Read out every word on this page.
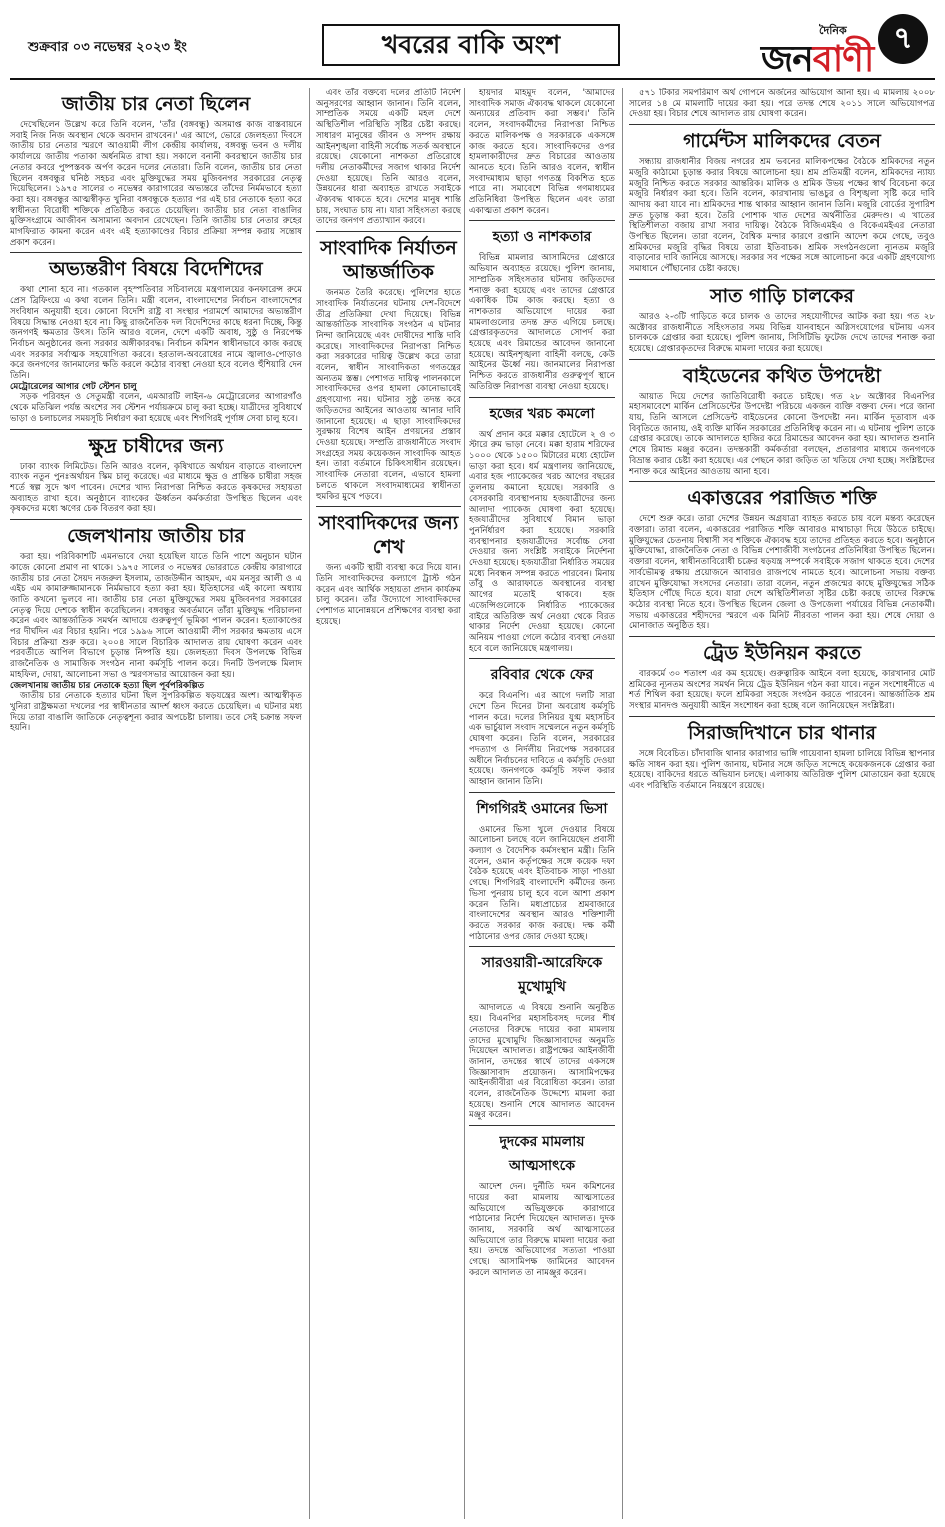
শুক্রবার ০৩ নভেম্বর ২০২৩ ইং	খবরের বাকি অংশ	দৈনিক
জনবাণী ৭
জাতীয় চার নেতা ছিলেন

দেখেছিলেন উল্লেখ করে তিনি বলেন, 'তাঁর (বঙ্গবন্ধু) অসমাপ্ত কাজ বাস্তবায়নে সবাই নিজ নিজ অবস্থান থেকে অবদান রাখবেন।' এর আগে, ভোরে জেলহত্যা দিবসে জাতীয় চার নেতার স্মরণে আওয়ামী লীগ কেন্দ্রীয় কার্যালয়, বঙ্গবন্ধু ভবন ও দলীয় কার্যালয়ে জাতীয় পতাকা অর্ধনমিত রাখা হয়। সকালে বনানী কবরস্থানে জাতীয় চার নেতার কবরে পুষ্পস্তবক অর্পণ করেন দলের নেতারা। তিনি বলেন, জাতীয় চার নেতা ছিলেন বঙ্গবন্ধুর ঘনিষ্ঠ সহচর এবং মুক্তিযুদ্ধের সময় মুজিবনগর সরকারের নেতৃত্ব দিয়েছিলেন। ১৯৭৫ সালের ৩ নভেম্বর কারাগারের অভ্যন্তরে তাঁদের নির্মমভাবে হত্যা করা হয়। বঙ্গবন্ধুর আত্মস্বীকৃত খুনিরা বঙ্গবন্ধুকে হত্যার পর এই চার নেতাকে হত্যা করে স্বাধীনতা বিরোধী শক্তিকে প্রতিষ্ঠিত করতে চেয়েছিল। জাতীয় চার নেতা বাঙালির মুক্তিসংগ্রামে আজীবন অসামান্য অবদান রেখেছেন। তিনি জাতীয় চার নেতার রুহের মাগফিরাত কামনা করেন এবং এই হত্যাকাণ্ডের বিচার প্রক্রিয়া সম্পন্ন করায় সন্তোষ প্রকাশ করেন।

অভ্যন্তরীণ বিষয়ে বিদেশিদের

কথা শোনা হবে না। গতকাল বৃহস্পতিবার সচিবালয়ে মন্ত্রণালয়ের কনফারেন্স রুমে প্রেস ব্রিফিংয়ে এ কথা বলেন তিনি। মন্ত্রী বলেন, বাংলাদেশের নির্বাচন বাংলাদেশের সংবিধান অনুযায়ী হবে। কোনো বিদেশি রাষ্ট্র বা সংস্থার পরামর্শে আমাদের অভ্যন্তরীণ বিষয়ে সিদ্ধান্ত নেওয়া হবে না। কিছু রাজনৈতিক দল বিদেশিদের কাছে ধরনা দিচ্ছে, কিন্তু জনগণই ক্ষমতার উৎস। তিনি আরও বলেন, দেশে একটি অবাধ, সুষ্ঠু ও নিরপেক্ষ নির্বাচন অনুষ্ঠানের জন্য সরকার অঙ্গীকারবদ্ধ। নির্বাচন কমিশন স্বাধীনভাবে কাজ করছে এবং সরকার সর্বাত্মক সহযোগিতা করবে। হরতাল-অবরোধের নামে জ্বালাও-পোড়াও করে জনগণের জানমালের ক্ষতি করলে কঠোর ব্যবস্থা নেওয়া হবে বলেও হুঁশিয়ারি দেন তিনি।

মেট্রোরেলের আগার গেট স্টেশন চালু

সড়ক পরিবহন ও সেতুমন্ত্রী বলেন, এমআরটি লাইন-৬ মেট্রোরেলের আগারগাঁও থেকে মতিঝিল পর্যন্ত অংশের সব স্টেশন পর্যায়ক্রমে চালু করা হচ্ছে। যাত্রীদের সুবিধার্থে ভাড়া ও চলাচলের সময়সূচি নির্ধারণ করা হয়েছে এবং শিগগিরই পূর্ণাঙ্গ সেবা চালু হবে।

ক্ষুদ্র চাষীদের জন্য

ঢাকা ব্যাংক লিমিটেড। তিনি আরও বলেন, কৃষিখাতে অর্থায়ন বাড়াতে বাংলাদেশ ব্যাংক নতুন পুনঃঅর্থায়ন স্কিম চালু করেছে। এর মাধ্যমে ক্ষুদ্র ও প্রান্তিক চাষীরা সহজ শর্তে স্বল্প সুদে ঋণ পাবেন। দেশের খাদ্য নিরাপত্তা নিশ্চিত করতে কৃষকদের সহায়তা অব্যাহত রাখা হবে। অনুষ্ঠানে ব্যাংকের ঊর্ধ্বতন কর্মকর্তারা উপস্থিত ছিলেন এবং কৃষকদের মধ্যে ঋণের চেক বিতরণ করা হয়।

জেলখানায় জাতীয় চার

করা হয়। পরিবিকাশটি এমনভাবে দেয়া হয়েছিল যাতে তিনি পাশে অনুচান ঘটান কাজে কোনো প্রমাণ না থাকে। ১৯৭৫ সালের ৩ নভেম্বর ভোররাতে কেন্দ্রীয় কারাগারে জাতীয় চার নেতা সৈয়দ নজরুল ইসলাম, তাজউদ্দীন আহমদ, এম মনসুর আলী ও এ এইচ এম কামারুজ্জামানকে নির্মমভাবে হত্যা করা হয়। ইতিহাসের এই কালো অধ্যায় জাতি কখনো ভুলবে না। জাতীয় চার নেতা মুক্তিযুদ্ধের সময় মুজিবনগর সরকারের নেতৃত্ব দিয়ে দেশকে স্বাধীন করেছিলেন। বঙ্গবন্ধুর অবর্তমানে তাঁরা মুক্তিযুদ্ধ পরিচালনা করেন এবং আন্তর্জাতিক সমর্থন আদায়ে গুরুত্বপূর্ণ ভূমিকা পালন করেন। হত্যাকাণ্ডের পর দীর্ঘদিন এর বিচার হয়নি। পরে ১৯৯৬ সালে আওয়ামী লীগ সরকার ক্ষমতায় এসে বিচার প্রক্রিয়া শুরু করে। ২০০৪ সালে বিচারিক আদালত রায় ঘোষণা করেন এবং পরবর্তীতে আপিল বিভাগে চূড়ান্ত নিষ্পত্তি হয়। জেলহত্যা দিবস উপলক্ষে বিভিন্ন রাজনৈতিক ও সামাজিক সংগঠন নানা কর্মসূচি পালন করে। দিনটি উপলক্ষে মিলাদ মাহফিল, দোয়া, আলোচনা সভা ও স্মরণসভার আয়োজন করা হয়।

জেলখানায় জাতীয় চার নেতাকে হত্যা ছিল পূর্বপরিকল্পিত

জাতীয় চার নেতাকে হত্যার ঘটনা ছিল সুপরিকল্পিত ষড়যন্ত্রের অংশ। আত্মস্বীকৃত খুনিরা রাষ্ট্রক্ষমতা দখলের পর স্বাধীনতার আদর্শ ধ্বংস করতে চেয়েছিল। এ ঘটনার মধ্য দিয়ে তারা বাঙালি জাতিকে নেতৃত্বশূন্য করার অপচেষ্টা চালায়। তবে সেই চক্রান্ত সফল হয়নি।

এবং তাঁর বক্তব্যে দলের প্রতিটি নির্দেশ অনুসরণের আহ্বান জানান। তিনি বলেন, সাম্প্রতিক সময়ে একটি মহল দেশে অস্থিতিশীল পরিস্থিতি সৃষ্টির চেষ্টা করছে। সাধারণ মানুষের জীবন ও সম্পদ রক্ষায় আইনশৃঙ্খলা বাহিনী সর্বোচ্চ সতর্ক অবস্থানে রয়েছে। যেকোনো নাশকতা প্রতিরোধে দলীয় নেতাকর্মীদের সজাগ থাকার নির্দেশ দেওয়া হয়েছে। তিনি আরও বলেন, উন্নয়নের ধারা অব্যাহত রাখতে সবাইকে ঐক্যবদ্ধ থাকতে হবে। দেশের মানুষ শান্তি চায়, সংঘাত চায় না। যারা সহিংসতা করছে তাদের জনগণ প্রত্যাখ্যান করবে।

সাংবাদিক নির্যাতন আন্তর্জাতিক

জনমত তৈরি করেছে। পুলিশের হাতে সাংবাদিক নির্যাতনের ঘটনায় দেশ-বিদেশে তীব্র প্রতিক্রিয়া দেখা দিয়েছে। বিভিন্ন আন্তর্জাতিক সাংবাদিক সংগঠন এ ঘটনার নিন্দা জানিয়েছে এবং দোষীদের শাস্তি দাবি করেছে। সাংবাদিকদের নিরাপত্তা নিশ্চিত করা সরকারের দায়িত্ব উল্লেখ করে তারা বলেন, স্বাধীন সাংবাদিকতা গণতন্ত্রের অন্যতম স্তম্ভ। পেশাগত দায়িত্ব পালনকালে সাংবাদিকদের ওপর হামলা কোনোভাবেই গ্রহণযোগ্য নয়। ঘটনার সুষ্ঠু তদন্ত করে জড়িতদের আইনের আওতায় আনার দাবি জানানো হয়েছে। এ ছাড়া সাংবাদিকদের সুরক্ষায় বিশেষ আইন প্রণয়নের প্রস্তাব দেওয়া হয়েছে। সম্প্রতি রাজধানীতে সংবাদ সংগ্রহের সময় কয়েকজন সাংবাদিক আহত হন। তারা বর্তমানে চিকিৎসাধীন রয়েছেন। সাংবাদিক নেতারা বলেন, এভাবে হামলা চলতে থাকলে সংবাদমাধ্যমের স্বাধীনতা হুমকির মুখে পড়বে।

সাংবাদিকদের জন্য শেখ

জন্য একটি স্থায়ী ব্যবস্থা করে দিয়ে যান। তিনি সাংবাদিকদের কল্যাণে ট্রাস্ট গঠন করেন এবং আর্থিক সহায়তা প্রদান কার্যক্রম চালু করেন। তাঁর উদ্যোগে সাংবাদিকদের পেশাগত মানোন্নয়নে প্রশিক্ষণের ব্যবস্থা করা হয়েছে।

৫৭১ টিকার সমপরিমাণ অর্থ গোপনে অর্জনের অভিযোগ আনা হয়। এ মামলায় ২০০৮ সালের ১৪ মে মামলাটি দায়ের করা হয়। পরে তদন্ত শেষে ২০১১ সালে অভিযোগপত্র দেওয়া হয়। বিচার শেষে আদালত রায় ঘোষণা করেন।

গার্মেন্টস মালিকদের বেতন

সন্ধ্যায় রাজধানীর বিজয় নগরের শ্রম ভবনের মালিকপক্ষের বৈঠকে শ্রমিকদের নতুন মজুরি কাঠামো চূড়ান্ত করার বিষয়ে আলোচনা হয়। শ্রম প্রতিমন্ত্রী বলেন, শ্রমিকদের ন্যায্য মজুরি নিশ্চিত করতে সরকার আন্তরিক। মালিক ও শ্রমিক উভয় পক্ষের স্বার্থ বিবেচনা করে মজুরি নির্ধারণ করা হবে। তিনি বলেন, কারখানায় ভাঙচুর ও বিশৃঙ্খলা সৃষ্টি করে দাবি আদায় করা যাবে না। শ্রমিকদের শান্ত থাকার আহ্বান জানান তিনি। মজুরি বোর্ডের সুপারিশ দ্রুত চূড়ান্ত করা হবে। তৈরি পোশাক খাত দেশের অর্থনীতির মেরুদণ্ড। এ খাতের স্থিতিশীলতা বজায় রাখা সবার দায়িত্ব। বৈঠকে বিজিএমইএ ও বিকেএমইএর নেতারা উপস্থিত ছিলেন। তারা বলেন, বৈশ্বিক মন্দার কারণে রপ্তানি আদেশ কমে গেছে, তবুও শ্রমিকদের মজুরি বৃদ্ধির বিষয়ে তারা ইতিবাচক। শ্রমিক সংগঠনগুলো ন্যূনতম মজুরি বাড়ানোর দাবি জানিয়ে আসছে। সরকার সব পক্ষের সঙ্গে আলোচনা করে একটি গ্রহণযোগ্য সমাধানে পৌঁছানোর চেষ্টা করছে।

সাত গাড়ি চালকের

আরও ২-৩টি গাড়িতে করে চালক ও তাদের সহযোগীদের আটক করা হয়। গত ২৮ অক্টোবর রাজধানীতে সহিংসতার সময় বিভিন্ন যানবাহনে অগ্নিসংযোগের ঘটনায় এসব চালককে গ্রেপ্তার করা হয়েছে। পুলিশ জানায়, সিসিটিভি ফুটেজ দেখে তাদের শনাক্ত করা হয়েছে। গ্রেপ্তারকৃতদের বিরুদ্ধে মামলা দায়ের করা হয়েছে।

বাইডেনের কথিত উপদেষ্টা

আয়াত দিয়ে দেশের জাতিবিরোধী করতে চাইছে। গত ২৮ অক্টোবর বিএনপির মহাসমাবেশে মার্কিন প্রেসিডেন্টের উপদেষ্টা পরিচয়ে একজন ব্যক্তি বক্তব্য দেন। পরে জানা যায়, তিনি আসলে প্রেসিডেন্ট বাইডেনের কোনো উপদেষ্টা নন। মার্কিন দূতাবাস এক বিবৃতিতে জানায়, ওই ব্যক্তি মার্কিন সরকারের প্রতিনিধিত্ব করেন না। এ ঘটনায় পুলিশ তাকে গ্রেপ্তার করেছে। তাকে আদালতে হাজির করে রিমান্ডের আবেদন করা হয়। আদালত শুনানি শেষে রিমান্ড মঞ্জুর করেন। তদন্তকারী কর্মকর্তারা বলছেন, প্রতারণার মাধ্যমে জনগণকে বিভ্রান্ত করার চেষ্টা করা হয়েছে। এর পেছনে কারা জড়িত তা খতিয়ে দেখা হচ্ছে। সংশ্লিষ্টদের শনাক্ত করে আইনের আওতায় আনা হবে।

একাত্তরের পরাজিত শক্তি

দেশে শুরু করে। তারা দেশের উন্নয়ন অগ্রযাত্রা ব্যাহত করতে চায় বলে মন্তব্য করেছেন বক্তারা। তারা বলেন, একাত্তরের পরাজিত শক্তি আবারও মাথাচাড়া দিয়ে উঠতে চাইছে। মুক্তিযুদ্ধের চেতনায় বিশ্বাসী সব শক্তিকে ঐক্যবদ্ধ হয়ে তাদের প্রতিহত করতে হবে। অনুষ্ঠানে মুক্তিযোদ্ধা, রাজনৈতিক নেতা ও বিভিন্ন পেশাজীবী সংগঠনের প্রতিনিধিরা উপস্থিত ছিলেন। বক্তারা বলেন, স্বাধীনতাবিরোধী চক্রের ষড়যন্ত্র সম্পর্কে সবাইকে সজাগ থাকতে হবে। দেশের সার্বভৌমত্ব রক্ষায় প্রয়োজনে আবারও রাজপথে নামতে হবে। আলোচনা সভায় বক্তব্য রাখেন মুক্তিযোদ্ধা সংসদের নেতারা। তারা বলেন, নতুন প্রজন্মের কাছে মুক্তিযুদ্ধের সঠিক ইতিহাস পৌঁছে দিতে হবে। যারা দেশে অস্থিতিশীলতা সৃষ্টির চেষ্টা করছে তাদের বিরুদ্ধে কঠোর ব্যবস্থা নিতে হবে। উপস্থিত ছিলেন জেলা ও উপজেলা পর্যায়ের বিভিন্ন নেতাকর্মী। সভায় একাত্তরের শহীদদের স্মরণে এক মিনিট নীরবতা পালন করা হয়। শেষে দোয়া ও মোনাজাত অনুষ্ঠিত হয়।

ট্রেড ইউনিয়ন করতে

বারকর্মে ৩০ শতাংশ এর কম হয়েছে। গুরুত্বারিক আইনে বলা হয়েছে, কারখানার মোট শ্রমিকের ন্যূনতম অংশের সমর্থন নিয়ে ট্রেড ইউনিয়ন গঠন করা যাবে। নতুন সংশোধনীতে এ শর্ত শিথিল করা হয়েছে। ফলে শ্রমিকরা সহজে সংগঠন করতে পারবেন। আন্তর্জাতিক শ্রম সংস্থার মানদণ্ড অনুযায়ী আইন সংশোধন করা হচ্ছে বলে জানিয়েছেন সংশ্লিষ্টরা।

সিরাজদিখানে চার থানার

সঙ্গে বিবেচিত। চাঁদাবাজি থানার কারাগার ভাঙ্গি গায়েবানা হামলা চালিয়ে বিভিন্ন স্থাপনার ক্ষতি সাধন করা হয়। পুলিশ জানায়, ঘটনার সঙ্গে জড়িত সন্দেহে কয়েকজনকে গ্রেপ্তার করা হয়েছে। বাকিদের ধরতে অভিযান চলছে। এলাকায় অতিরিক্ত পুলিশ মোতায়েন করা হয়েছে এবং পরিস্থিতি বর্তমানে নিয়ন্ত্রণে রয়েছে।

হায়দার মাহমুদ বলেন, 'আমাদের সাংবাদিক সমাজ ঐক্যবদ্ধ থাকলে যেকোনো অন্যায়ের প্রতিবাদ করা সম্ভব।' তিনি বলেন, সংবাদকর্মীদের নিরাপত্তা নিশ্চিত করতে মালিকপক্ষ ও সরকারকে একসঙ্গে কাজ করতে হবে। সাংবাদিকদের ওপর হামলাকারীদের দ্রুত বিচারের আওতায় আনতে হবে। তিনি আরও বলেন, স্বাধীন সংবাদমাধ্যম ছাড়া গণতন্ত্র বিকশিত হতে পারে না। সমাবেশে বিভিন্ন গণমাধ্যমের প্রতিনিধিরা উপস্থিত ছিলেন এবং তারা একাত্মতা প্রকাশ করেন।

হত্যা ও নাশকতার

বিভিন্ন মামলার আসামিদের গ্রেপ্তারে অভিযান অব্যাহত রয়েছে। পুলিশ জানায়, সাম্প্রতিক সহিংসতার ঘটনায় জড়িতদের শনাক্ত করা হয়েছে এবং তাদের গ্রেপ্তারে একাধিক টিম কাজ করছে। হত্যা ও নাশকতার অভিযোগে দায়ের করা মামলাগুলোর তদন্ত দ্রুত এগিয়ে চলছে। গ্রেপ্তারকৃতদের আদালতে সোপর্দ করা হয়েছে এবং রিমান্ডের আবেদন জানানো হয়েছে। আইনশৃঙ্খলা বাহিনী বলছে, কেউ আইনের ঊর্ধ্বে নয়। জানমালের নিরাপত্তা নিশ্চিত করতে রাজধানীর গুরুত্বপূর্ণ স্থানে অতিরিক্ত নিরাপত্তা ব্যবস্থা নেওয়া হয়েছে।

হজের খরচ কমলো

অর্থ প্রদান করে মক্কার হোটেলে ২ ও ৩ স্টারে রুম ভাড়া নেবে। মক্কা হারাম শরিফের ১০০০ থেকে ১৫০০ মিটারের মধ্যে হোটেল ভাড়া করা হবে। ধর্ম মন্ত্রণালয় জানিয়েছে, এবার হজ প্যাকেজের খরচ আগের বছরের তুলনায় কমানো হয়েছে। সরকারি ও বেসরকারি ব্যবস্থাপনায় হজযাত্রীদের জন্য আলাদা প্যাকেজ ঘোষণা করা হয়েছে। হজযাত্রীদের সুবিধার্থে বিমান ভাড়া পুনর্নির্ধারণ করা হয়েছে। সরকারি ব্যবস্থাপনার হজযাত্রীদের সর্বোচ্চ সেবা দেওয়ার জন্য সংশ্লিষ্ট সবাইকে নির্দেশনা দেওয়া হয়েছে। হজযাত্রীরা নির্ধারিত সময়ের মধ্যে নিবন্ধন সম্পন্ন করতে পারবেন। মিনায় তাঁবু ও আরাফাতে অবস্থানের ব্যবস্থা আগের মতোই থাকবে। হজ এজেন্সিগুলোকে নির্ধারিত প্যাকেজের বাইরে অতিরিক্ত অর্থ নেওয়া থেকে বিরত থাকার নির্দেশ দেওয়া হয়েছে। কোনো অনিয়ম পাওয়া গেলে কঠোর ব্যবস্থা নেওয়া হবে বলে জানিয়েছে মন্ত্রণালয়।

রবিবার থেকে ফের

করে বিএনপি। এর আগে দলটি সারা দেশে তিন দিনের টানা অবরোধ কর্মসূচি পালন করে। দলের সিনিয়র যুগ্ম মহাসচিব এক ভার্চুয়াল সংবাদ সম্মেলনে নতুন কর্মসূচি ঘোষণা করেন। তিনি বলেন, সরকারের পদত্যাগ ও নির্দলীয় নিরপেক্ষ সরকারের অধীনে নির্বাচনের দাবিতে এ কর্মসূচি দেওয়া হয়েছে। জনগণকে কর্মসূচি সফল করার আহ্বান জানান তিনি।

শিগগিরই ওমানের ভিসা

ওমানের ভিসা খুলে দেওয়ার বিষয়ে আলোচনা চলছে বলে জানিয়েছেন প্রবাসী কল্যাণ ও বৈদেশিক কর্মসংস্থান মন্ত্রী। তিনি বলেন, ওমান কর্তৃপক্ষের সঙ্গে কয়েক দফা বৈঠক হয়েছে এবং ইতিবাচক সাড়া পাওয়া গেছে। শিগগিরই বাংলাদেশি কর্মীদের জন্য ভিসা পুনরায় চালু হবে বলে আশা প্রকাশ করেন তিনি। মধ্যপ্রাচ্যের শ্রমবাজারে বাংলাদেশের অবস্থান আরও শক্তিশালী করতে সরকার কাজ করছে। দক্ষ কর্মী পাঠানোর ওপর জোর দেওয়া হচ্ছে।

সারওয়ারী-আরেফিকে মুখোমুখি

আদালতে এ বিষয়ে শুনানি অনুষ্ঠিত হয়। বিএনপির মহাসচিবসহ দলের শীর্ষ নেতাদের বিরুদ্ধে দায়ের করা মামলায় তাদের মুখোমুখি জিজ্ঞাসাবাদের অনুমতি দিয়েছেন আদালত। রাষ্ট্রপক্ষের আইনজীবী জানান, তদন্তের স্বার্থে তাদের একসঙ্গে জিজ্ঞাসাবাদ প্রয়োজন। আসামিপক্ষের আইনজীবীরা এর বিরোধিতা করেন। তারা বলেন, রাজনৈতিক উদ্দেশ্যে মামলা করা হয়েছে। শুনানি শেষে আদালত আবেদন মঞ্জুর করেন।

দুদকের মামলায় আত্মসাৎকে

আদেশ দেন। দুর্নীতি দমন কমিশনের দায়ের করা মামলায় আত্মসাতের অভিযোগে অভিযুক্তকে কারাগারে পাঠানোর নির্দেশ দিয়েছেন আদালত। দুদক জানায়, সরকারি অর্থ আত্মসাতের অভিযোগে তার বিরুদ্ধে মামলা দায়ের করা হয়। তদন্তে অভিযোগের সত্যতা পাওয়া গেছে। আসামিপক্ষ জামিনের আবেদন করলে আদালত তা নামঞ্জুর করেন।
